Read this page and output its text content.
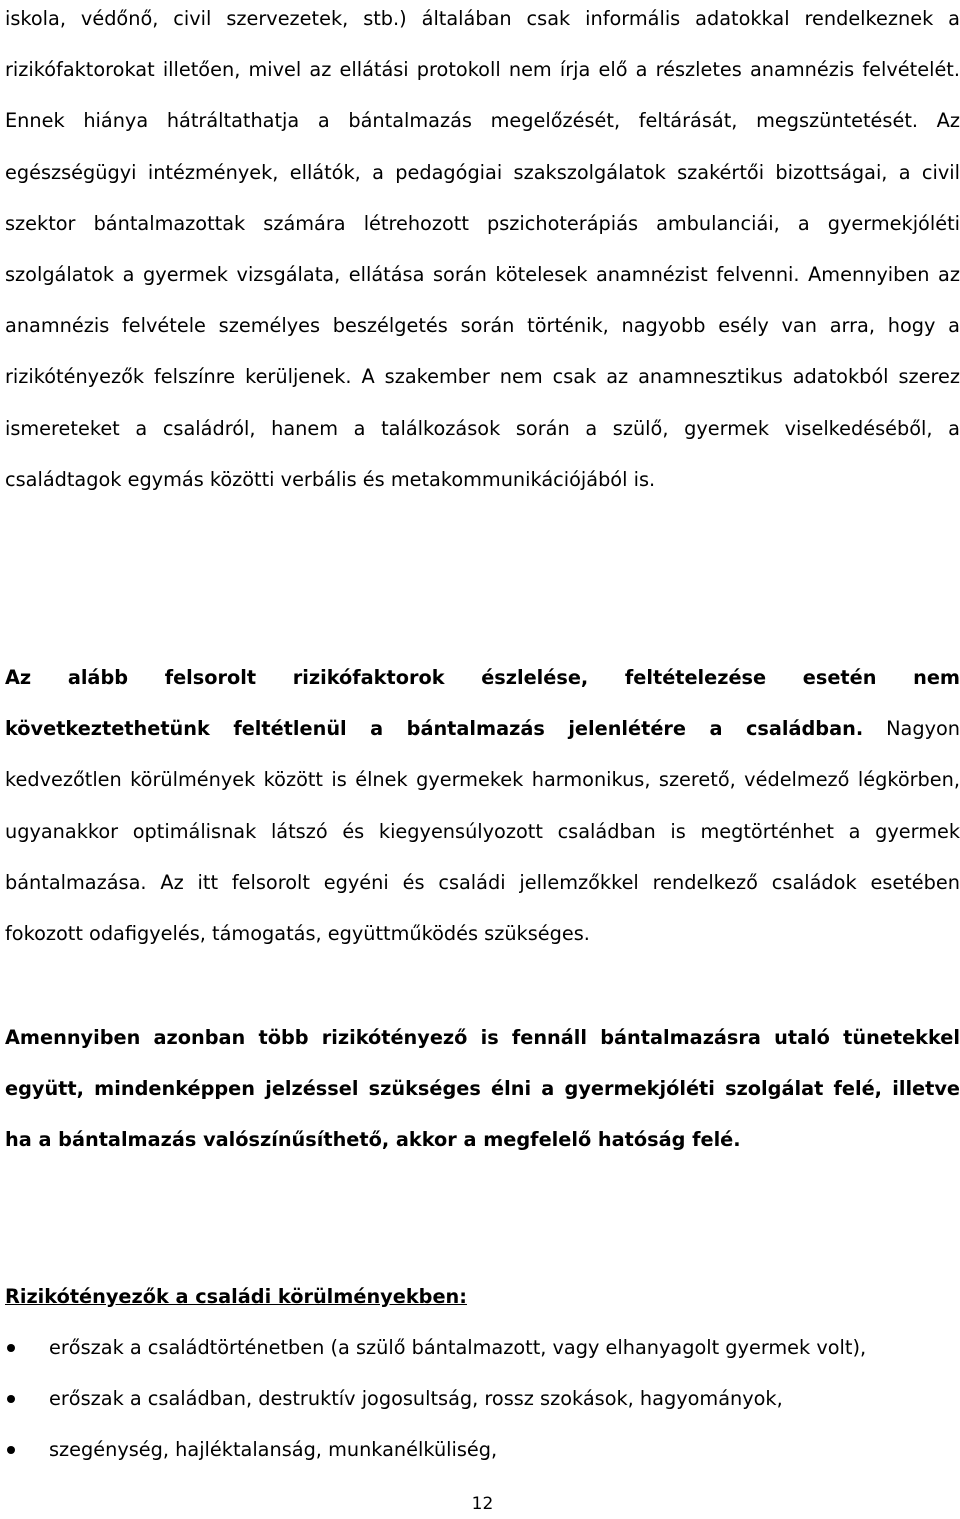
iskola, védőnő, civil szervezetek, stb.) általában csak informális adatokkal rendelkeznek a rizikófaktorokat illetően, mivel az ellátási protokoll nem írja elő a részletes anamnézis felvételét. Ennek hiánya hátráltathatja a bántalmazás megelőzését, feltárását, megszüntetését. Az egészségügyi intézmények, ellátók, a pedagógiai szakszolgálatok szakértői bizottságai, a civil szektor bántalmazottak számára létrehozott pszichoterápiás ambulanciái, a gyermekjóléti szolgálatok a gyermek vizsgálata, ellátása során kötelesek anamnézist felvenni. Amennyiben az anamnézis felvétele személyes beszélgetés során történik, nagyobb esély van arra, hogy a rizikótényezők felszínre kerüljenek. A szakember nem csak az anamnesztikus adatokból szerez ismereteket a családról, hanem a találkozások során a szülő, gyermek viselkedéséből, a családtagok egymás közötti verbális és metakommunikációjából is.

Az alább felsorolt rizikófaktorok észlelése, feltételezése esetén nem következtethetünk feltétlenül a bántalmazás jelenlétére a családban. Nagyon kedvezőtlen körülmények között is élnek gyermekek harmonikus, szerető, védelmező légkörben, ugyanakkor optimálisnak látszó és kiegyensúlyozott családban is megtörténhet a gyermek bántalmazása. Az itt felsorolt egyéni és családi jellemzőkkel rendelkező családok esetében fokozott odafigyelés, támogatás, együttműködés szükséges.

Amennyiben azonban több rizikótényező is fennáll bántalmazásra utaló tünetekkel együtt, mindenképpen jelzéssel szükséges élni a gyermekjóléti szolgálat felé, illetve ha a bántalmazás valószínűsíthető, akkor a megfelelő hatóság felé.

Rizikótényezők a családi körülményekben:
erőszak a családtörténetben (a szülő bántalmazott, vagy elhanyagolt gyermek volt),
erőszak a családban, destruktív jogosultság, rossz szokások, hagyományok,
szegénység, hajléktalanság, munkanélküliség,
12
